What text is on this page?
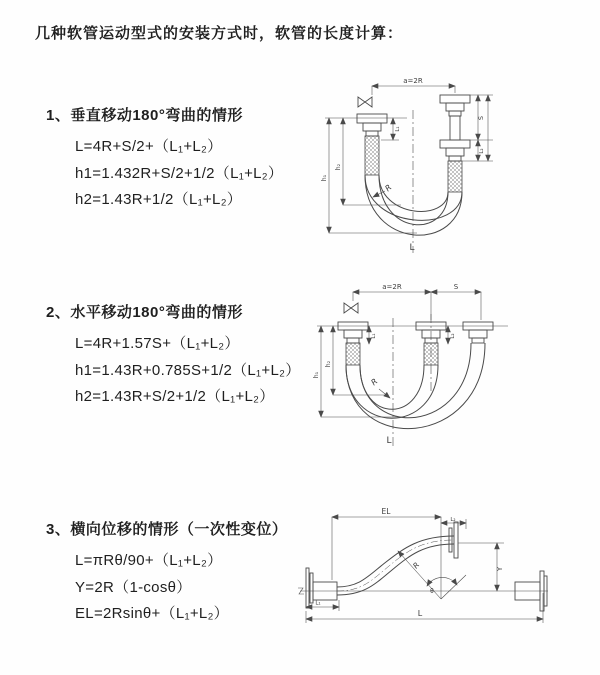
几种软管运动型式的安装方式时，软管的长度计算：
1、垂直移动180°弯曲的情形
L=4R+S/2+（L₁+L₂）
h1=1.432R+S/2+1/2（L₁+L₂）
h2=1.43R+1/2（L₁+L₂）
2、水平移动180°弯曲的情形
L=4R+1.57S+（L₁+L₂）
h1=1.43R+0.785S+1/2（L₁+L₂）
h2=1.43R+S/2+1/2（L₁+L₂）
3、横向位移的情形（一次性变位）
L=πRθ/90+（L₁+L₂）
Y=2R（1-cosθ）
EL=2Rsinθ+（L₁+L₂）
a=2R
h₁
h₂
L₁
S
L₂
R
L
a=2R	S
h₁
h₂
L₁	L₂
R
L
EL
L₂
Y
R
θ
L₁
L
